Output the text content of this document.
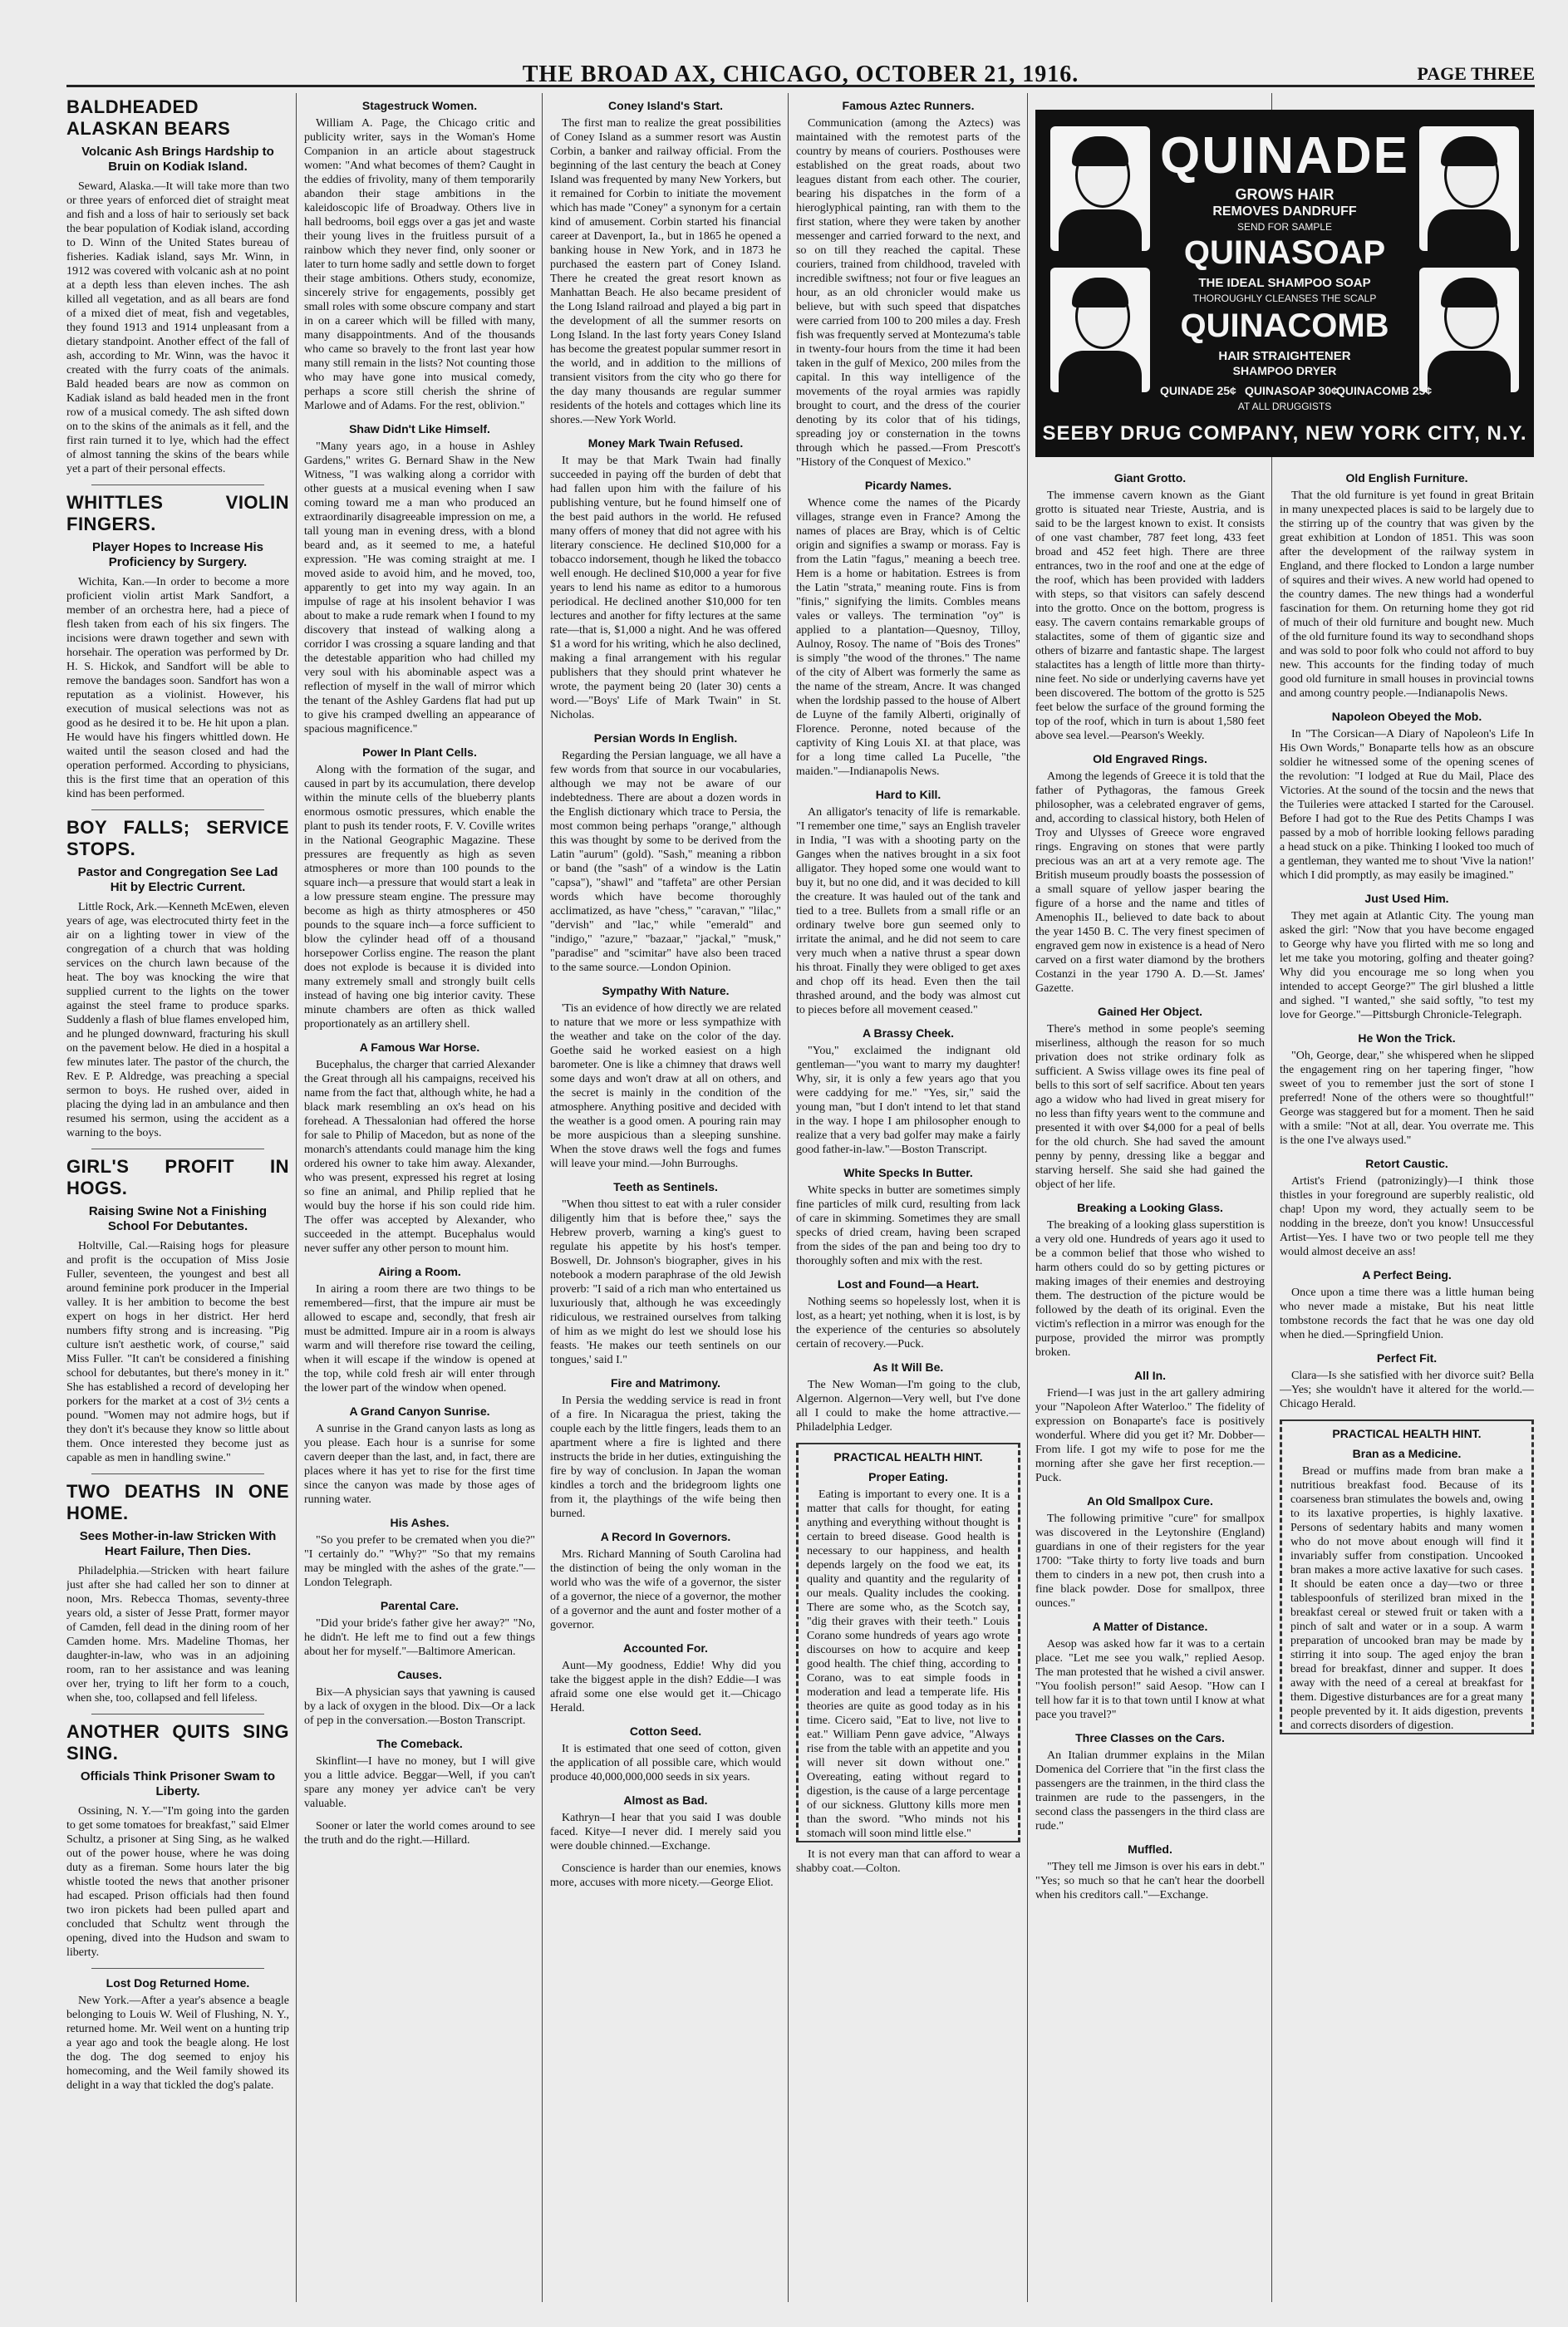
THE BROAD AX, CHICAGO, OCTOBER 21, 1916.	PAGE THREE
BALDHEADED ALASKAN BEARS
Volcanic Ash Brings Hardship to Bruin on Kodiak Island.

Seward, Alaska.—It will take more than two or three years of enforced diet of straight meat and fish and a loss of hair to seriously set back the bear population of Kodiak island, according to D. Winn of the United States bureau of fisheries. Kadiak island, says Mr. Winn, in 1912 was covered with volcanic ash at no point at a depth less than eleven inches. The ash killed all vegetation, and as all bears are fond of a mixed diet of meat, fish and vegetables, they found 1913 and 1914 unpleasant from a dietary standpoint. Another effect of the fall of ash, according to Mr. Winn, was the havoc it created with the furry coats of the animals. Bald headed bears are now as common on Kadiak island as bald headed men in the front row of a musical comedy. The ash sifted down on to the skins of the animals as it fell, and the first rain turned it to lye, which had the effect of almost tanning the skins of the bears while yet a part of their personal effects.

WHITTLES VIOLIN FINGERS.
Player Hopes to Increase His Proficiency by Surgery.

Wichita, Kan.—In order to become a more proficient violin artist Mark Sandfort, a member of an orchestra here, had a piece of flesh taken from each of his six fingers. The incisions were drawn together and sewn with horsehair. The operation was performed by Dr. H. S. Hickok, and Sandfort will be able to remove the bandages soon. Sandfort has won a reputation as a violinist. However, his execution of musical selections was not as good as he desired it to be. He hit upon a plan. He would have his fingers whittled down. He waited until the season closed and had the operation performed. According to physicians, this is the first time that an operation of this kind has been performed.

BOY FALLS; SERVICE STOPS.
Pastor and Congregation See Lad Hit by Electric Current.

Little Rock, Ark.—Kenneth McEwen, eleven years of age, was electrocuted thirty feet in the air on a lighting tower in view of the congregation of a church that was holding services on the church lawn because of the heat. The boy was knocking the wire that supplied current to the lights on the tower against the steel frame to produce sparks. Suddenly a flash of blue flames enveloped him, and he plunged downward, fracturing his skull on the pavement below. He died in a hospital a few minutes later. The pastor of the church, the Rev. E P. Aldredge, was preaching a special sermon to boys. He rushed over, aided in placing the dying lad in an ambulance and then resumed his sermon, using the accident as a warning to the boys.

GIRL'S PROFIT IN HOGS.
Raising Swine Not a Finishing School For Debutantes.

Holtville, Cal.—Raising hogs for pleasure and profit is the occupation of Miss Josie Fuller, seventeen, the youngest and best all around feminine pork producer in the Imperial valley. It is her ambition to become the best expert on hogs in her district. Her herd numbers fifty strong and is increasing. "Pig culture isn't aesthetic work, of course," said Miss Fuller. "It can't be considered a finishing school for debutantes, but there's money in it." She has established a record of developing her porkers for the market at a cost of 3½ cents a pound. "Women may not admire hogs, but if they don't it's because they know so little about them. Once interested they become just as capable as men in handling swine."

TWO DEATHS IN ONE HOME.
Sees Mother-in-law Stricken With Heart Failure, Then Dies.

Philadelphia.—Stricken with heart failure just after she had called her son to dinner at noon, Mrs. Rebecca Thomas, seventy-three years old, a sister of Jesse Pratt, former mayor of Camden, fell dead in the dining room of her Camden home. Mrs. Madeline Thomas, her daughter-in-law, who was in an adjoining room, ran to her assistance and was leaning over her, trying to lift her form to a couch, when she, too, collapsed and fell lifeless.

ANOTHER QUITS SING SING.
Officials Think Prisoner Swam to Liberty.

Ossining, N. Y.—"I'm going into the garden to get some tomatoes for breakfast," said Elmer Schultz, a prisoner at Sing Sing, as he walked out of the power house, where he was doing duty as a fireman. Some hours later the big whistle tooted the news that another prisoner had escaped. Prison officials had then found two iron pickets had been pulled apart and concluded that Schultz went through the opening, dived into the Hudson and swam to liberty.

Lost Dog Returned Home.

New York.—After a year's absence a beagle belonging to Louis W. Weil of Flushing, N. Y., returned home. Mr. Weil went on a hunting trip a year ago and took the beagle along. He lost the dog. The dog seemed to enjoy his homecoming, and the Weil family showed its delight in a way that tickled the dog's palate.

Stagestruck Women.

William A. Page, the Chicago critic and publicity writer, says in the Woman's Home Companion in an article about stagestruck women: "And what becomes of them? Caught in the eddies of frivolity, many of them temporarily abandon their stage ambitions in the kaleidoscopic life of Broadway. Others live in hall bedrooms, boil eggs over a gas jet and waste their young lives in the fruitless pursuit of a rainbow which they never find, only sooner or later to turn home sadly and settle down to forget their stage ambitions. Others study, economize, sincerely strive for engagements, possibly get small roles with some obscure company and start in on a career which will be filled with many, many disappointments. And of the thousands who came so bravely to the front last year how many still remain in the lists? Not counting those who may have gone into musical comedy, perhaps a score still cherish the shrine of Marlowe and of Adams. For the rest, oblivion."

Shaw Didn't Like Himself.

"Many years ago, in a house in Ashley Gardens," writes G. Bernard Shaw in the New Witness, "I was walking along a corridor with other guests at a musical evening when I saw coming toward me a man who produced an extraordinarily disagreeable impression on me, a tall young man in evening dress, with a blond beard and, as it seemed to me, a hateful expression. "He was coming straight at me. I moved aside to avoid him, and he moved, too, apparently to get into my way again. In an impulse of rage at his insolent behavior I was about to make a rude remark when I found to my discovery that instead of walking along a corridor I was crossing a square landing and that the detestable apparition who had chilled my very soul with his abominable aspect was a reflection of myself in the wall of mirror which the tenant of the Ashley Gardens flat had put up to give his cramped dwelling an appearance of spacious magnificence."

Power In Plant Cells.

Along with the formation of the sugar, and caused in part by its accumulation, there develop within the minute cells of the blueberry plants enormous osmotic pressures, which enable the plant to push its tender roots, F. V. Coville writes in the National Geographic Magazine. These pressures are frequently as high as seven atmospheres or more than 100 pounds to the square inch—a pressure that would start a leak in a low pressure steam engine. The pressure may become as high as thirty atmospheres or 450 pounds to the square inch—a force sufficient to blow the cylinder head off of a thousand horsepower Corliss engine. The reason the plant does not explode is because it is divided into many extremely small and strongly built cells instead of having one big interior cavity. These minute chambers are often as thick walled proportionately as an artillery shell.

A Famous War Horse.

Bucephalus, the charger that carried Alexander the Great through all his campaigns, received his name from the fact that, although white, he had a black mark resembling an ox's head on his forehead. A Thessalonian had offered the horse for sale to Philip of Macedon, but as none of the monarch's attendants could manage him the king ordered his owner to take him away. Alexander, who was present, expressed his regret at losing so fine an animal, and Philip replied that he would buy the horse if his son could ride him. The offer was accepted by Alexander, who succeeded in the attempt. Bucephalus would never suffer any other person to mount him.

Airing a Room.

In airing a room there are two things to be remembered—first, that the impure air must be allowed to escape and, secondly, that fresh air must be admitted. Impure air in a room is always warm and will therefore rise toward the ceiling, when it will escape if the window is opened at the top, while cold fresh air will enter through the lower part of the window when opened.

A Grand Canyon Sunrise.

A sunrise in the Grand canyon lasts as long as you please. Each hour is a sunrise for some cavern deeper than the last, and, in fact, there are places where it has yet to rise for the first time since the canyon was made by those ages of running water.

His Ashes.

"So you prefer to be cremated when you die?" "I certainly do." "Why?" "So that my remains may be mingled with the ashes of the grate."—London Telegraph.

Parental Care.

"Did your bride's father give her away?" "No, he didn't. He left me to find out a few things about her for myself."—Baltimore American.

Causes.

Bix—A physician says that yawning is caused by a lack of oxygen in the blood. Dix—Or a lack of pep in the conversation.—Boston Transcript.

The Comeback.

Skinflint—I have no money, but I will give you a little advice. Beggar—Well, if you can't spare any money yer advice can't be very valuable.

Sooner or later the world comes around to see the truth and do the right.—Hillard.

Coney Island's Start.

The first man to realize the great possibilities of Coney Island as a summer resort was Austin Corbin, a banker and railway official. From the beginning of the last century the beach at Coney Island was frequented by many New Yorkers, but it remained for Corbin to initiate the movement which has made "Coney" a synonym for a certain kind of amusement. Corbin started his financial career at Davenport, Ia., but in 1865 he opened a banking house in New York, and in 1873 he purchased the eastern part of Coney Island. There he created the great resort known as Manhattan Beach. He also became president of the Long Island railroad and played a big part in the development of all the summer resorts on Long Island. In the last forty years Coney Island has become the greatest popular summer resort in the world, and in addition to the millions of transient visitors from the city who go there for the day many thousands are regular summer residents of the hotels and cottages which line its shores.—New York World.

Money Mark Twain Refused.

It may be that Mark Twain had finally succeeded in paying off the burden of debt that had fallen upon him with the failure of his publishing venture, but he found himself one of the best paid authors in the world. He refused many offers of money that did not agree with his literary conscience. He declined $10,000 for a tobacco indorsement, though he liked the tobacco well enough. He declined $10,000 a year for five years to lend his name as editor to a humorous periodical. He declined another $10,000 for ten lectures and another for fifty lectures at the same rate—that is, $1,000 a night. And he was offered $1 a word for his writing, which he also declined, making a final arrangement with his regular publishers that they should print whatever he wrote, the payment being 20 (later 30) cents a word.—"Boys' Life of Mark Twain" in St. Nicholas.

Persian Words In English.

Regarding the Persian language, we all have a few words from that source in our vocabularies, although we may not be aware of our indebtedness. There are about a dozen words in the English dictionary which trace to Persia, the most common being perhaps "orange," although this was thought by some to be derived from the Latin "aurum" (gold). "Sash," meaning a ribbon or band (the "sash" of a window is the Latin "capsa"), "shawl" and "taffeta" are other Persian words which have become thoroughly acclimatized, as have "chess," "caravan," "lilac," "dervish" and "lac," while "emerald" and "indigo," "azure," "bazaar," "jackal," "musk," "paradise" and "scimitar" have also been traced to the same source.—London Opinion.

Sympathy With Nature.

'Tis an evidence of how directly we are related to nature that we more or less sympathize with the weather and take on the color of the day. Goethe said he worked easiest on a high barometer. One is like a chimney that draws well some days and won't draw at all on others, and the secret is mainly in the condition of the atmosphere. Anything positive and decided with the weather is a good omen. A pouring rain may be more auspicious than a sleeping sunshine. When the stove draws well the fogs and fumes will leave your mind.—John Burroughs.

Teeth as Sentinels.

"When thou sittest to eat with a ruler consider diligently him that is before thee," says the Hebrew proverb, warning a king's guest to regulate his appetite by his host's temper. Boswell, Dr. Johnson's biographer, gives in his notebook a modern paraphrase of the old Jewish proverb: "I said of a rich man who entertained us luxuriously that, although he was exceedingly ridiculous, we restrained ourselves from talking of him as we might do lest we should lose his feasts. 'He makes our teeth sentinels on our tongues,' said I."

Fire and Matrimony.

In Persia the wedding service is read in front of a fire. In Nicaragua the priest, taking the couple each by the little fingers, leads them to an apartment where a fire is lighted and there instructs the bride in her duties, extinguishing the fire by way of conclusion. In Japan the woman kindles a torch and the bridegroom lights one from it, the playthings of the wife being then burned.

A Record In Governors.

Mrs. Richard Manning of South Carolina had the distinction of being the only woman in the world who was the wife of a governor, the sister of a governor, the niece of a governor, the mother of a governor and the aunt and foster mother of a governor.

Accounted For.

Aunt—My goodness, Eddie! Why did you take the biggest apple in the dish? Eddie—I was afraid some one else would get it.—Chicago Herald.

Cotton Seed.

It is estimated that one seed of cotton, given the application of all possible care, which would produce 40,000,000,000 seeds in six years.

Almost as Bad.

Kathryn—I hear that you said I was double faced. Kitye—I never did. I merely said you were double chinned.—Exchange.

Conscience is harder than our enemies, knows more, accuses with more nicety.—George Eliot.

Famous Aztec Runners.

Communication (among the Aztecs) was maintained with the remotest parts of the country by means of couriers. Posthouses were established on the great roads, about two leagues distant from each other. The courier, bearing his dispatches in the form of a hieroglyphical painting, ran with them to the first station, where they were taken by another messenger and carried forward to the next, and so on till they reached the capital. These couriers, trained from childhood, traveled with incredible swiftness; not four or five leagues an hour, as an old chronicler would make us believe, but with such speed that dispatches were carried from 100 to 200 miles a day. Fresh fish was frequently served at Montezuma's table in twenty-four hours from the time it had been taken in the gulf of Mexico, 200 miles from the capital. In this way intelligence of the movements of the royal armies was rapidly brought to court, and the dress of the courier denoting by its color that of his tidings, spreading joy or consternation in the towns through which he passed.—From Prescott's "History of the Conquest of Mexico."

Picardy Names.

Whence come the names of the Picardy villages, strange even in France? Among the names of places are Bray, which is of Celtic origin and signifies a swamp or morass. Fay is from the Latin "fagus," meaning a beech tree. Hem is a home or habitation. Estrees is from the Latin "strata," meaning route. Fins is from "finis," signifying the limits. Combles means vales or valleys. The termination "oy" is applied to a plantation—Quesnoy, Tilloy, Aulnoy, Rosoy. The name of "Bois des Trones" is simply "the wood of the thrones." The name of the city of Albert was formerly the same as the name of the stream, Ancre. It was changed when the lordship passed to the house of Albert de Luyne of the family Alberti, originally of Florence. Peronne, noted because of the captivity of King Louis XI. at that place, was for a long time called La Pucelle, "the maiden."—Indianapolis News.

Hard to Kill.

An alligator's tenacity of life is remarkable. "I remember one time," says an English traveler in India, "I was with a shooting party on the Ganges when the natives brought in a six foot alligator. They hoped some one would want to buy it, but no one did, and it was decided to kill the creature. It was hauled out of the tank and tied to a tree. Bullets from a small rifle or an ordinary twelve bore gun seemed only to irritate the animal, and he did not seem to care very much when a native thrust a spear down his throat. Finally they were obliged to get axes and chop off its head. Even then the tail thrashed around, and the body was almost cut to pieces before all movement ceased."

A Brassy Cheek.

"You," exclaimed the indignant old gentleman—"you want to marry my daughter! Why, sir, it is only a few years ago that you were caddying for me." "Yes, sir," said the young man, "but I don't intend to let that stand in the way. I hope I am philosopher enough to realize that a very bad golfer may make a fairly good father-in-law."—Boston Transcript.

White Specks In Butter.

White specks in butter are sometimes simply fine particles of milk curd, resulting from lack of care in skimming. Sometimes they are small specks of dried cream, having been scraped from the sides of the pan and being too dry to thoroughly soften and mix with the rest.

Lost and Found—a Heart.

Nothing seems so hopelessly lost, when it is lost, as a heart; yet nothing, when it is lost, is by the experience of the centuries so absolutely certain of recovery.—Puck.

As It Will Be.

The New Woman—I'm going to the club, Algernon. Algernon—Very well, but I've done all I could to make the home attractive.—Philadelphia Ledger.

PRACTICAL HEALTH HINT.
Proper Eating.

Eating is important to every one. It is a matter that calls for thought, for eating anything and everything without thought is certain to breed disease. Good health is necessary to our happiness, and health depends largely on the food we eat, its quality and quantity and the regularity of our meals. Quality includes the cooking. There are some who, as the Scotch say, "dig their graves with their teeth." Louis Corano some hundreds of years ago wrote discourses on how to acquire and keep good health. The chief thing, according to Corano, was to eat simple foods in moderation and lead a temperate life. His theories are quite as good today as in his time. Cicero said, "Eat to live, not live to eat." William Penn gave advice, "Always rise from the table with an appetite and you will never sit down without one." Overeating, eating without regard to digestion, is the cause of a large percentage of our sickness. Gluttony kills more men than the sword. "Who minds not his stomach will soon mind little else."

It is not every man that can afford to wear a shabby coat.—Colton.

Giant Grotto.

The immense cavern known as the Giant grotto is situated near Trieste, Austria, and is said to be the largest known to exist. It consists of one vast chamber, 787 feet long, 433 feet broad and 452 feet high. There are three entrances, two in the roof and one at the edge of the roof, which has been provided with ladders with steps, so that visitors can safely descend into the grotto. Once on the bottom, progress is easy. The cavern contains remarkable groups of stalactites, some of them of gigantic size and others of bizarre and fantastic shape. The largest stalactites has a length of little more than thirty-nine feet. No side or underlying caverns have yet been discovered. The bottom of the grotto is 525 feet below the surface of the ground forming the top of the roof, which in turn is about 1,580 feet above sea level.—Pearson's Weekly.

Old Engraved Rings.

Among the legends of Greece it is told that the father of Pythagoras, the famous Greek philosopher, was a celebrated engraver of gems, and, according to classical history, both Helen of Troy and Ulysses of Greece wore engraved rings. Engraving on stones that were partly precious was an art at a very remote age. The British museum proudly boasts the possession of a small square of yellow jasper bearing the figure of a horse and the name and titles of Amenophis II., believed to date back to about the year 1450 B. C. The very finest specimen of engraved gem now in existence is a head of Nero carved on a first water diamond by the brothers Costanzi in the year 1790 A. D.—St. James' Gazette.

Gained Her Object.

There's method in some people's seeming miserliness, although the reason for so much privation does not strike ordinary folk as sufficient. A Swiss village owes its fine peal of bells to this sort of self sacrifice. About ten years ago a widow who had lived in great misery for no less than fifty years went to the commune and presented it with over $4,000 for a peal of bells for the old church. She had saved the amount penny by penny, dressing like a beggar and starving herself. She said she had gained the object of her life.

Breaking a Looking Glass.

The breaking of a looking glass superstition is a very old one. Hundreds of years ago it used to be a common belief that those who wished to harm others could do so by getting pictures or making images of their enemies and destroying them. The destruction of the picture would be followed by the death of its original. Even the victim's reflection in a mirror was enough for the purpose, provided the mirror was promptly broken.

All In.

Friend—I was just in the art gallery admiring your "Napoleon After Waterloo." The fidelity of expression on Bonaparte's face is positively wonderful. Where did you get it? Mr. Dobber—From life. I got my wife to pose for me the morning after she gave her first reception.—Puck.

An Old Smallpox Cure.

The following primitive "cure" for smallpox was discovered in the Leytonshire (England) guardians in one of their registers for the year 1700: "Take thirty to forty live toads and burn them to cinders in a new pot, then crush into a fine black powder. Dose for smallpox, three ounces."

A Matter of Distance.

Aesop was asked how far it was to a certain place. "Let me see you walk," replied Aesop. The man protested that he wished a civil answer. "You foolish person!" said Aesop. "How can I tell how far it is to that town until I know at what pace you travel?"

Three Classes on the Cars.

An Italian drummer explains in the Milan Domenica del Corriere that "in the first class the passengers are the trainmen, in the third class the trainmen are rude to the passengers, in the second class the passengers in the third class are rude."

Muffled.

"They tell me Jimson is over his ears in debt." "Yes; so much so that he can't hear the doorbell when his creditors call."—Exchange.

Old English Furniture.

That the old furniture is yet found in great Britain in many unexpected places is said to be largely due to the stirring up of the country that was given by the great exhibition at London of 1851. This was soon after the development of the railway system in England, and there flocked to London a large number of squires and their wives. A new world had opened to the country dames. The new things had a wonderful fascination for them. On returning home they got rid of much of their old furniture and bought new. Much of the old furniture found its way to secondhand shops and was sold to poor folk who could not afford to buy new. This accounts for the finding today of much good old furniture in small houses in provincial towns and among country people.—Indianapolis News.

Napoleon Obeyed the Mob.

In "The Corsican—A Diary of Napoleon's Life In His Own Words," Bonaparte tells how as an obscure soldier he witnessed some of the opening scenes of the revolution: "I lodged at Rue du Mail, Place des Victories. At the sound of the tocsin and the news that the Tuileries were attacked I started for the Carousel. Before I had got to the Rue des Petits Champs I was passed by a mob of horrible looking fellows parading a head stuck on a pike. Thinking I looked too much of a gentleman, they wanted me to shout 'Vive la nation!' which I did promptly, as may easily be imagined."

Just Used Him.

They met again at Atlantic City. The young man asked the girl: "Now that you have become engaged to George why have you flirted with me so long and let me take you motoring, golfing and theater going? Why did you encourage me so long when you intended to accept George?" The girl blushed a little and sighed. "I wanted," she said softly, "to test my love for George."—Pittsburgh Chronicle-Telegraph.

He Won the Trick.

"Oh, George, dear," she whispered when he slipped the engagement ring on her tapering finger, "how sweet of you to remember just the sort of stone I preferred! None of the others were so thoughtful!" George was staggered but for a moment. Then he said with a smile: "Not at all, dear. You overrate me. This is the one I've always used."

Retort Caustic.

Artist's Friend (patronizingly)—I think those thistles in your foreground are superbly realistic, old chap! Upon my word, they actually seem to be nodding in the breeze, don't you know! Unsuccessful Artist—Yes. I have two or two people tell me they would almost deceive an ass!

A Perfect Being.

Once upon a time there was a little human being who never made a mistake, But his neat little tombstone records the fact that he was one day old when he died.—Springfield Union.

Perfect Fit.

Clara—Is she satisfied with her divorce suit? Bella—Yes; she wouldn't have it altered for the world.—Chicago Herald.

PRACTICAL HEALTH HINT.
Bran as a Medicine.

Bread or muffins made from bran make a nutritious breakfast food. Because of its coarseness bran stimulates the bowels and, owing to its laxative properties, is highly laxative. Persons of sedentary habits and many women who do not move about enough will find it invariably suffer from constipation. Uncooked bran makes a more active laxative for such cases. It should be eaten once a day—two or three tablespoonfuls of sterilized bran mixed in the breakfast cereal or stewed fruit or taken with a pinch of salt and water or in a soup. A warm preparation of uncooked bran may be made by stirring it into soup. The aged enjoy the bran bread for breakfast, dinner and supper. It does away with the need of a cereal at breakfast for them. Digestive disturbances are for a great many people prevented by it. It aids digestion, prevents and corrects disorders of digestion.

QUINADE
GROWS HAIR
REMOVES DANDRUFF
SEND FOR SAMPLE
QUINASOAP
THE IDEAL SHAMPOO SOAP
THOROUGHLY CLEANSES THE SCALP
QUINACOMB
HAIR STRAIGHTENER
SHAMPOO DRYER
QUINADE 25¢ QUINASOAP 30¢
QUINACOMB 25¢
AT ALL DRUGGISTS
SEEBY DRUG COMPANY, NEW YORK CITY, N.Y.
